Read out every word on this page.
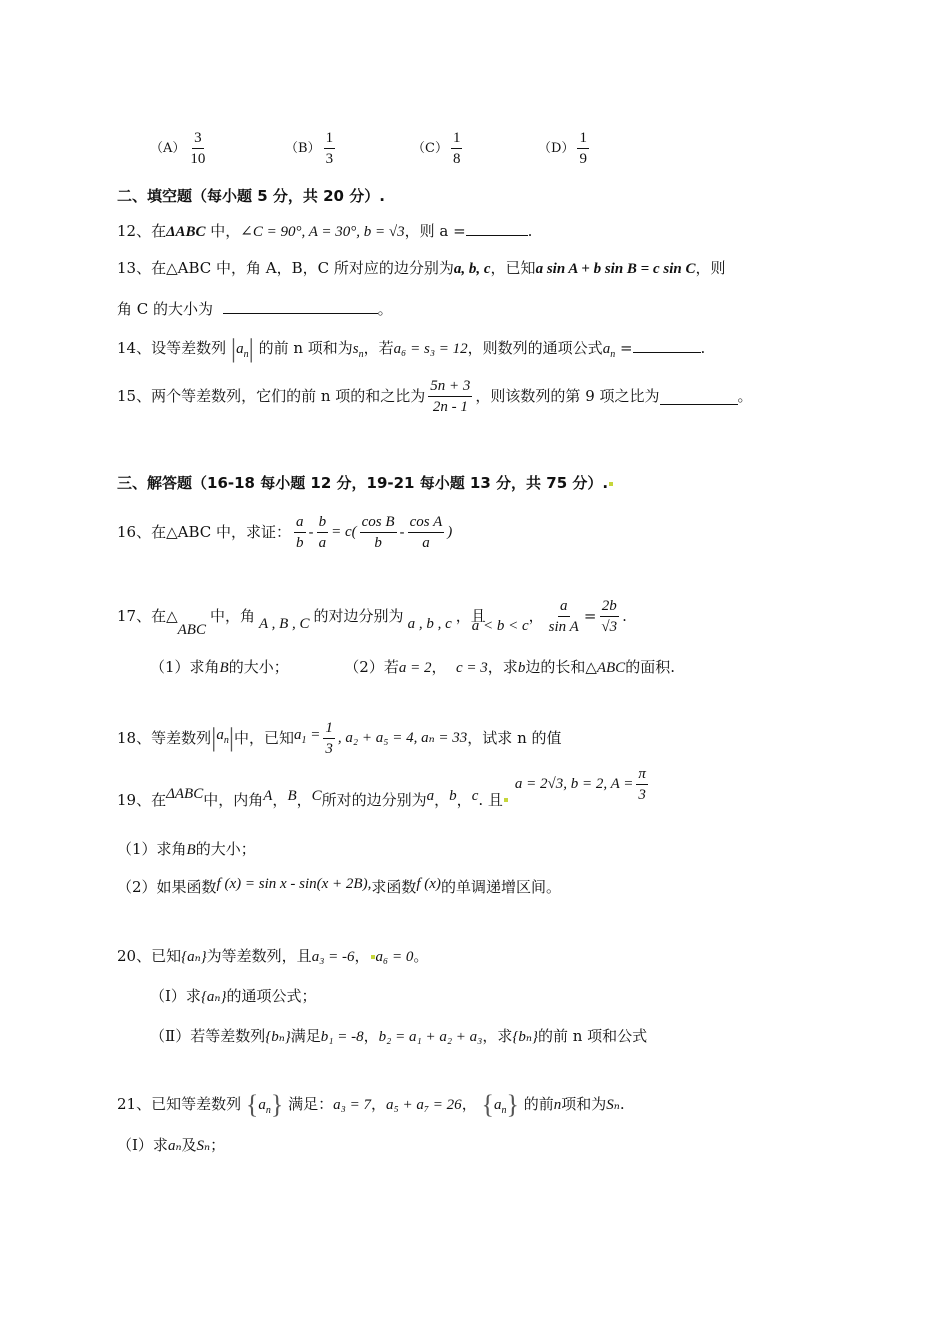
$(A) \frac{3}{10}$	$(B) \frac{1}{3}$	$(C) \frac{1}{8}$	$(D) \frac{1}{9}$
二、填空题（每小题 5 分，共 20 分）.
12、在ΔABC 中，∠C = 90°, A = 30°, b = √3，则 a =	.
13、在△ABC 中，角 A，B，C 所对应的边分别为a, b, c，已知a sin A + b sin B = c sin C，则
角 C 的大小为	。
14、设等差数列 $|a_n|$ 的前 n 项和为$s_n$，若a₆ = s₃ = 12，则数列的通项公式$a_n$ =	.
15、两个等差数列，它们的前 n 项的和之比为 $\frac{5n + 3}{2n - 1}$ ，则该数列的第 9 项之比为	。
三、解答题（16-18 每小题 12 分，19-21 每小题 13 分，共 75 分）.
16、在△ABC 中，求证： $\frac{a}{b} - \frac{b}{a} = c( \frac{\text{cos B}}{b} - \frac{\text{cos A}}{a}$ )
17、在△
ABC
中，角 A , B , C 的对边分别为 a , b , c ，且
a < b < c
， $\frac{a}{\text{sin A}} = \frac{2b}{√3}$ .
（1）求角B的大小；	（2）若a = 2，  c = 3，求b边的长和△ABC的面积.
18、等差数列 | $a_n$ | 中，已知 $a_1 = \frac{1}{3}$ , a₂ + a₅ = 4, aₙ = 33 ，试求 n 的值
19、在 ΔABC 中，内角 A ， B ， C 所对的边分别为 a ， b ， c . 且
a = 2√3, b = 2, $A = \frac{\pi}{3}$
（1）求角B的大小；
（2）如果函数f (x) = sin x - sin(x + 2B),求函数f (x)的单调递增区间。
20、已知{aₙ}为等差数列，且a₃ = -6， a₆ = 0。
（Ⅰ）求{aₙ}的通项公式；
（Ⅱ）若等差数列{bₙ}满足b₁ = -8，b₂ = a₁ + a₂ + a₃，求{bₙ}的前 n 项和公式
21、已知等差数列 $\{a_n\}$ 满足：a₃ = 7，a₅ + a₇ = 26， $\{a_n\}$ 的前n项和为Sₙ.
（Ⅰ）求aₙ及Sₙ；
